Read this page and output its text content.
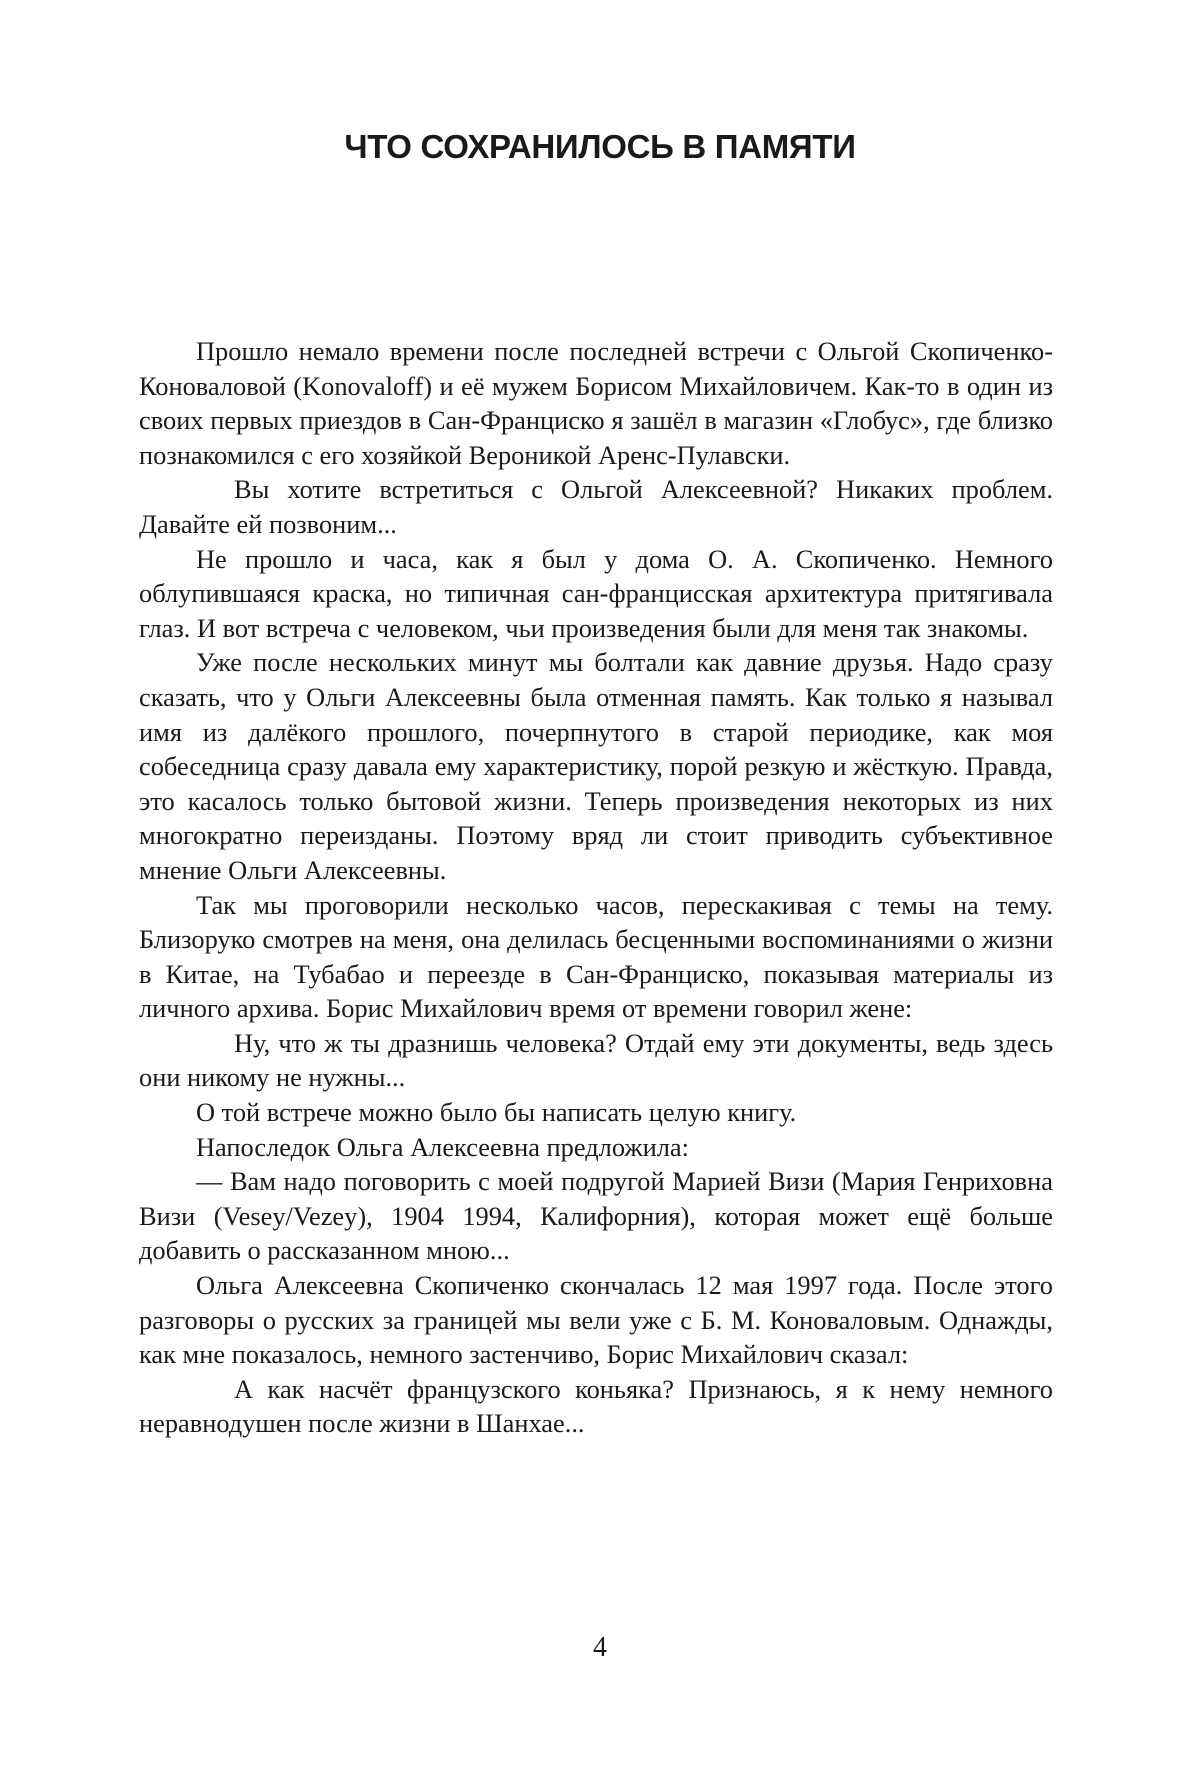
ЧТО СОХРАНИЛОСЬ В ПАМЯТИ

Прошло немало времени после последней встречи с Ольгой Скопиченко-Коноваловой (Konovaloff) и её мужем Борисом Михайловичем. Как-то в один из своих первых приездов в Сан-Франциско я зашёл в магазин «Глобус», где близко познакомился с его хозяйкой Вероникой Аренс-Пулавски.

Вы хотите встретиться с Ольгой Алексеевной? Никаких проблем. Давайте ей позвоним...

Не прошло и часа, как я был у дома О. А. Скопиченко. Немного облупившаяся краска, но типичная сан-францисская архитектура притягивала глаз. И вот встреча с человеком, чьи произведения были для меня так знакомы.

Уже после нескольких минут мы болтали как давние друзья. Надо сразу сказать, что у Ольги Алексеевны была отменная память. Как только я называл имя из далёкого прошлого, почерпнутого в старой периодике, как моя собеседница сразу давала ему характеристику, порой резкую и жёсткую. Правда, это касалось только бытовой жизни. Теперь произведения некоторых из них многократно переизданы. Поэтому вряд ли стоит приводить субъективное мнение Ольги Алексеевны.

Так мы проговорили несколько часов, перескакивая с темы на тему. Близоруко смотрев на меня, она делилась бесценными воспоминаниями о жизни в Китае, на Тубабао и переезде в Сан-Франциско, показывая материалы из личного архива. Борис Михайлович время от времени говорил жене:

Ну, что ж ты дразнишь человека? Отдай ему эти документы, ведь здесь они никому не нужны...

О той встрече можно было бы написать целую книгу.

Напоследок Ольга Алексеевна предложила:

— Вам надо поговорить с моей подругой Марией Визи (Мария Генриховна Визи (Vesey/Vezey), 1904 1994, Калифорния), которая может ещё больше добавить о рассказанном мною...

Ольга Алексеевна Скопиченко скончалась 12 мая 1997 года. После этого разговоры о русских за границей мы вели уже с Б. М. Коноваловым. Однажды, как мне показалось, немного застенчиво, Борис Михайлович сказал:

А как насчёт французского коньяка? Признаюсь, я к нему немного неравнодушен после жизни в Шанхае...

4
